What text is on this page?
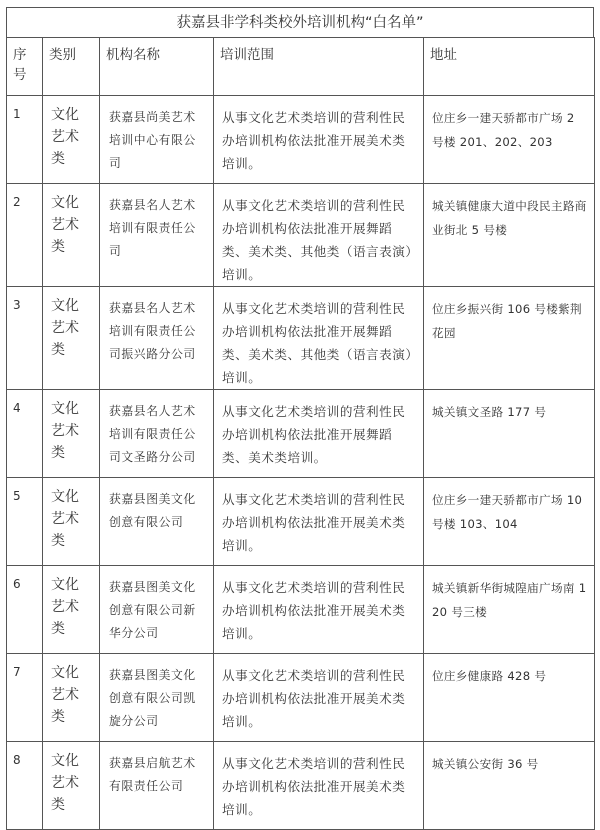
获嘉县非学科类校外培训机构“白名单”
序号	类别	机构名称	培训范围	地址
1	文化艺术类	获嘉县尚美艺术培训中心有限公司	从事文化艺术类培训的营利性民办培训机构依法批准开展美术类培训。	位庄乡一建天骄都市广场 2 号楼 201、202、203
2	文化艺术类	获嘉县名人艺术培训有限责任公司	从事文化艺术类培训的营利性民办培训机构依法批准开展舞蹈类、美术类、其他类（语言表演）培训。	城关镇健康大道中段民主路商业街北 5 号楼
3	文化艺术类	获嘉县名人艺术培训有限责任公司振兴路分公司	从事文化艺术类培训的营利性民办培训机构依法批准开展舞蹈类、美术类、其他类（语言表演）培训。	位庄乡振兴街 106 号楼紫荆花园
4	文化艺术类	获嘉县名人艺术培训有限责任公司文圣路分公司	从事文化艺术类培训的营利性民办培训机构依法批准开展舞蹈类、美术类培训。	城关镇文圣路 177 号
5	文化艺术类	获嘉县图美文化创意有限公司	从事文化艺术类培训的营利性民办培训机构依法批准开展美术类培训。	位庄乡一建天骄都市广场 10 号楼 103、104
6	文化艺术类	获嘉县图美文化创意有限公司新华分公司	从事文化艺术类培训的营利性民办培训机构依法批准开展美术类培训。	城关镇新华街城隍庙广场南 120 号三楼
7	文化艺术类	获嘉县图美文化创意有限公司凯旋分公司	从事文化艺术类培训的营利性民办培训机构依法批准开展美术类培训。	位庄乡健康路 428 号
8	文化艺术类	获嘉县启航艺术有限责任公司	从事文化艺术类培训的营利性民办培训机构依法批准开展美术类培训。	城关镇公安街 36 号
